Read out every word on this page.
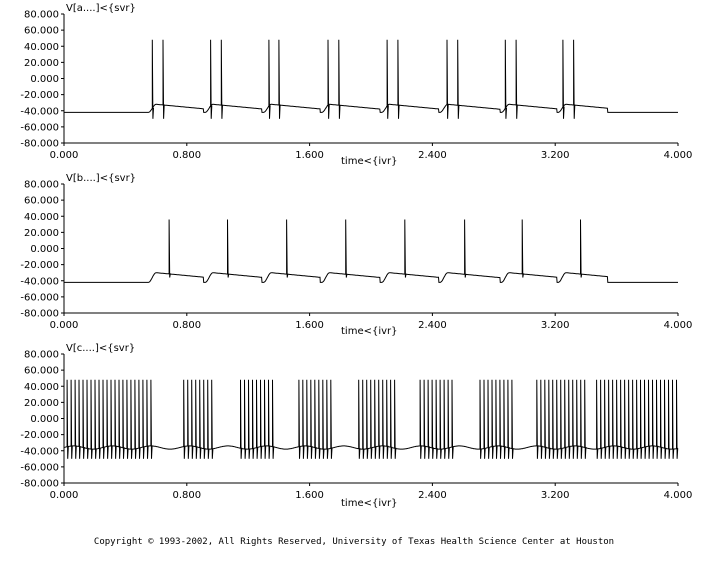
80.000
60.000
40.000
20.000
0.000
-20.000
-40.000
-60.000
-80.000
0.000	0.800	1.600	2.400	3.200	4.000
V[a....]<{svr}
time<{ivr}
80.000
60.000
40.000
20.000
0.000
-20.000
-40.000
-60.000
-80.000
0.000	0.800	1.600	2.400	3.200	4.000
V[b....]<{svr}
time<{ivr}
80.000
60.000
40.000
20.000
0.000
-20.000
-40.000
-60.000
-80.000
0.000	0.800	1.600	2.400	3.200	4.000
V[c....]<{svr}
time<{ivr}
Copyright © 1993-2002, All Rights Reserved, University of Texas Health Science Center at Houston
